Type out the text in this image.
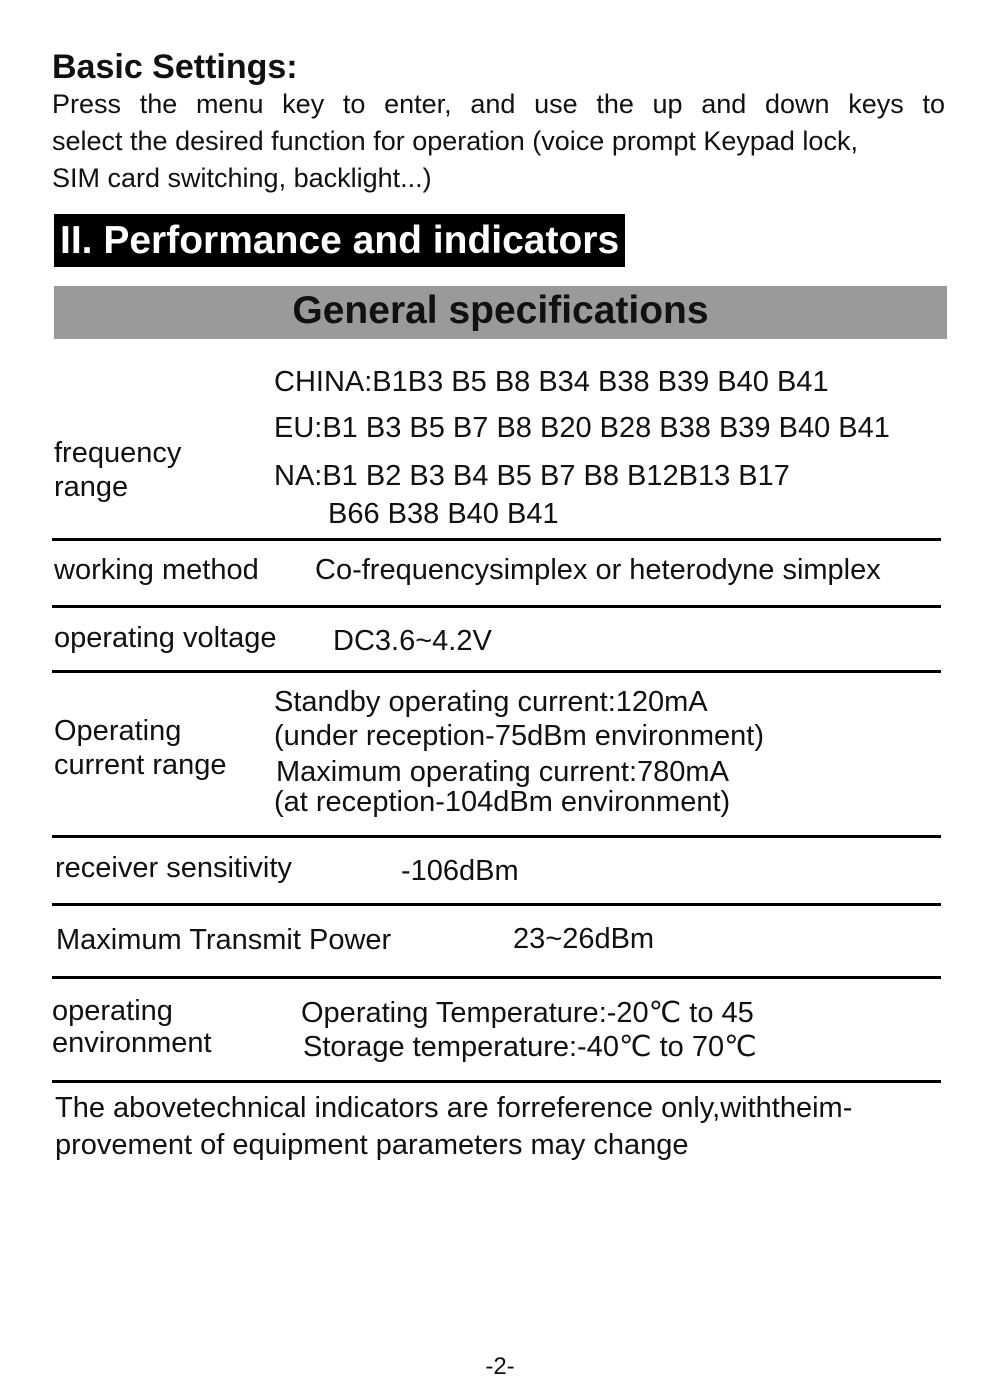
Basic Settings:
Press the menu key to enter, and use the up and down keys to
select the desired function for operation (voice prompt Keypad lock,
SIM card switching, backlight...)
II. Performance and indicators
General specifications
frequency
range
CHINA:B1B3 B5 B8 B34 B38 B39 B40 B41
EU:B1 B3 B5 B7 B8 B20 B28 B38 B39 B40 B41
NA:B1 B2 B3 B4 B5 B7 B8 B12B13 B17
B66 B38 B40 B41
working method Co-frequencysimplex or heterodyne simplex
operating voltage DC3.6~4.2V
Operating
current range
Standby operating current:120mA
(under reception-75dBm environment)
Maximum operating current:780mA
(at reception-104dBm environment)
receiver sensitivity	-106dBm
Maximum Transmit Power	23~26dBm
operating
environment
Operating Temperature:-20℃ to 45
Storage temperature:-40℃ to 70℃
The abovetechnical indicators are forreference only,withtheim-
provement of equipment parameters may change
-2-
